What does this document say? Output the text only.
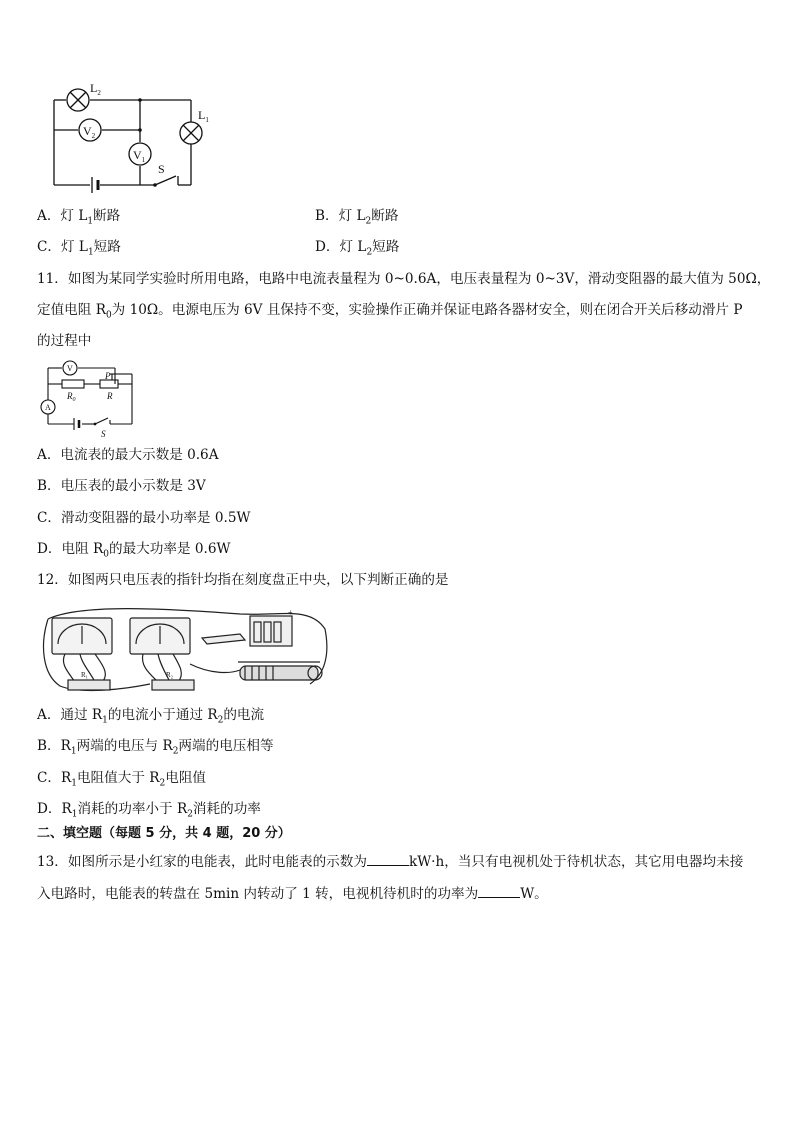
$L_2$
$L_1$
$V_2$
$V_1$
S
A．灯 $L_1$断路	B．灯 $L_2$断路
C．灯 $L_1$短路	D．灯 $L_2$短路
11．如图为某同学实验时所用电路，电路中电流表量程为 0~0.6A，电压表量程为 0~3V，滑动变阻器的最大值为 50Ω，
定值电阻 $R_0$为 10Ω。电源电压为 6V 且保持不变，实验操作正确并保证电路各器材安全，则在闭合开关后移动滑片 P
的过程中
V
A
$R_0$	R
P
S
A．电流表的最大示数是 0.6A
B．电压表的最小示数是 3V
C．滑动变阻器的最小功率是 0.5W
D．电阻 $R_0$的最大功率是 0.6W
12．如图两只电压表的指针均指在刻度盘正中央，以下判断正确的是
R₁	R₂
+
A．通过 $R_1$的电流小于通过 $R_2$的电流
B．$R_1$两端的电压与 $R_2$两端的电压相等
C．$R_1$电阻值大于 $R_2$电阻值
D．$R_1$消耗的功率小于 $R_2$消耗的功率
二、填空题（每题 5 分，共 4 题，20 分）
13．如图所示是小红家的电能表，此时电能表的示数为	kW·h，当只有电视机处于待机状态，其它用电器均未接
入电路时，电能表的转盘在 5min 内转动了 1 转，电视机待机时的功率为	W。
